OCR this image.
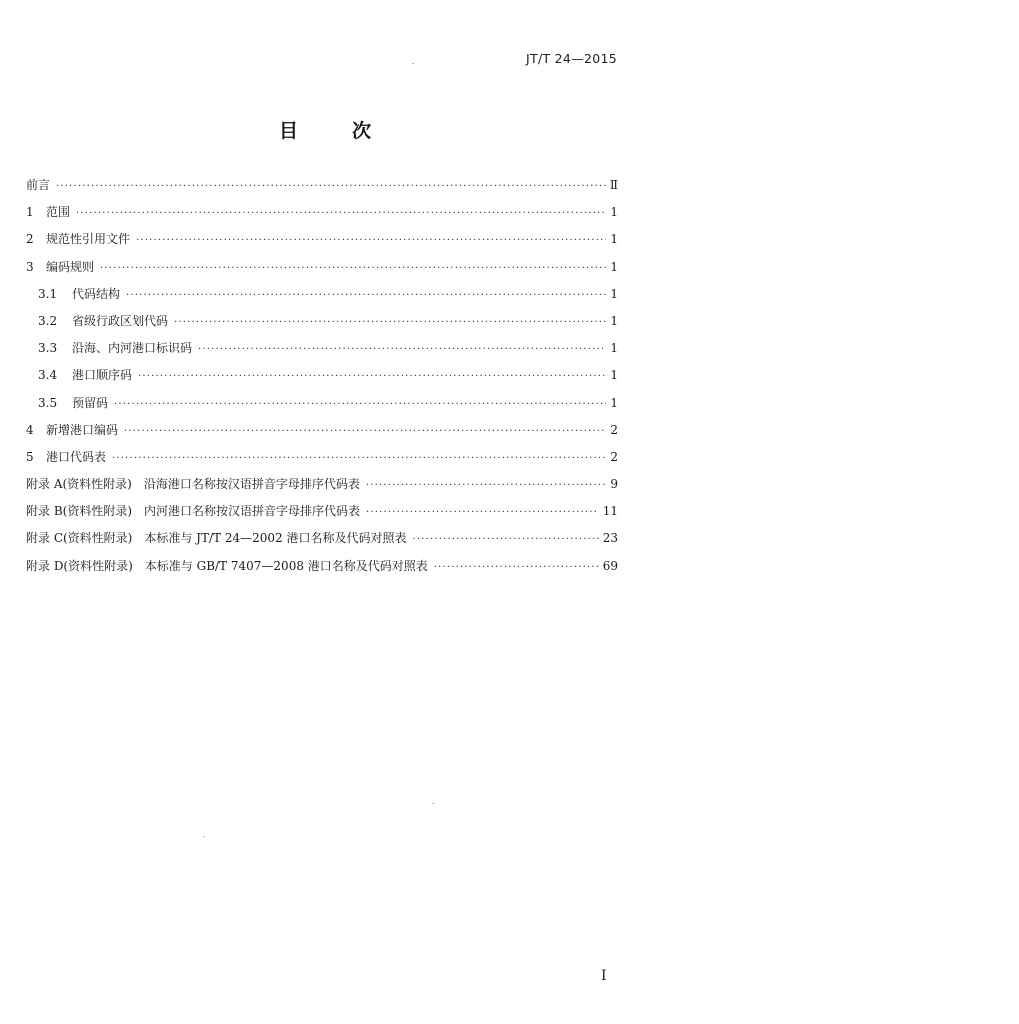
JT/T 24—2015
目	次
前言 ·····	Ⅱ
1	范围 ·····	1
2	规范性引用文件 ·····	1
3	编码规则 ·····	1
3.1	代码结构 ·····	1
3.2	省级行政区划代码 ·····	1
3.3	沿海、内河港口标识码 ·····	1
3.4	港口顺序码 ·····	1
3.5	预留码 ·····	1
4	新增港口编码 ·····	2
5	港口代码表 ·····	2
附录 A(资料性附录)　沿海港口名称按汉语拼音字母排序代码表 ·····	9
附录 B(资料性附录)　内河港口名称按汉语拼音字母排序代码表 ·····	11
附录 C(资料性附录)　本标准与 JT/T 24—2002 港口名称及代码对照表 ·····	23
附录 D(资料性附录)　本标准与 GB/T 7407—2008 港口名称及代码对照表 ·····	69
I
